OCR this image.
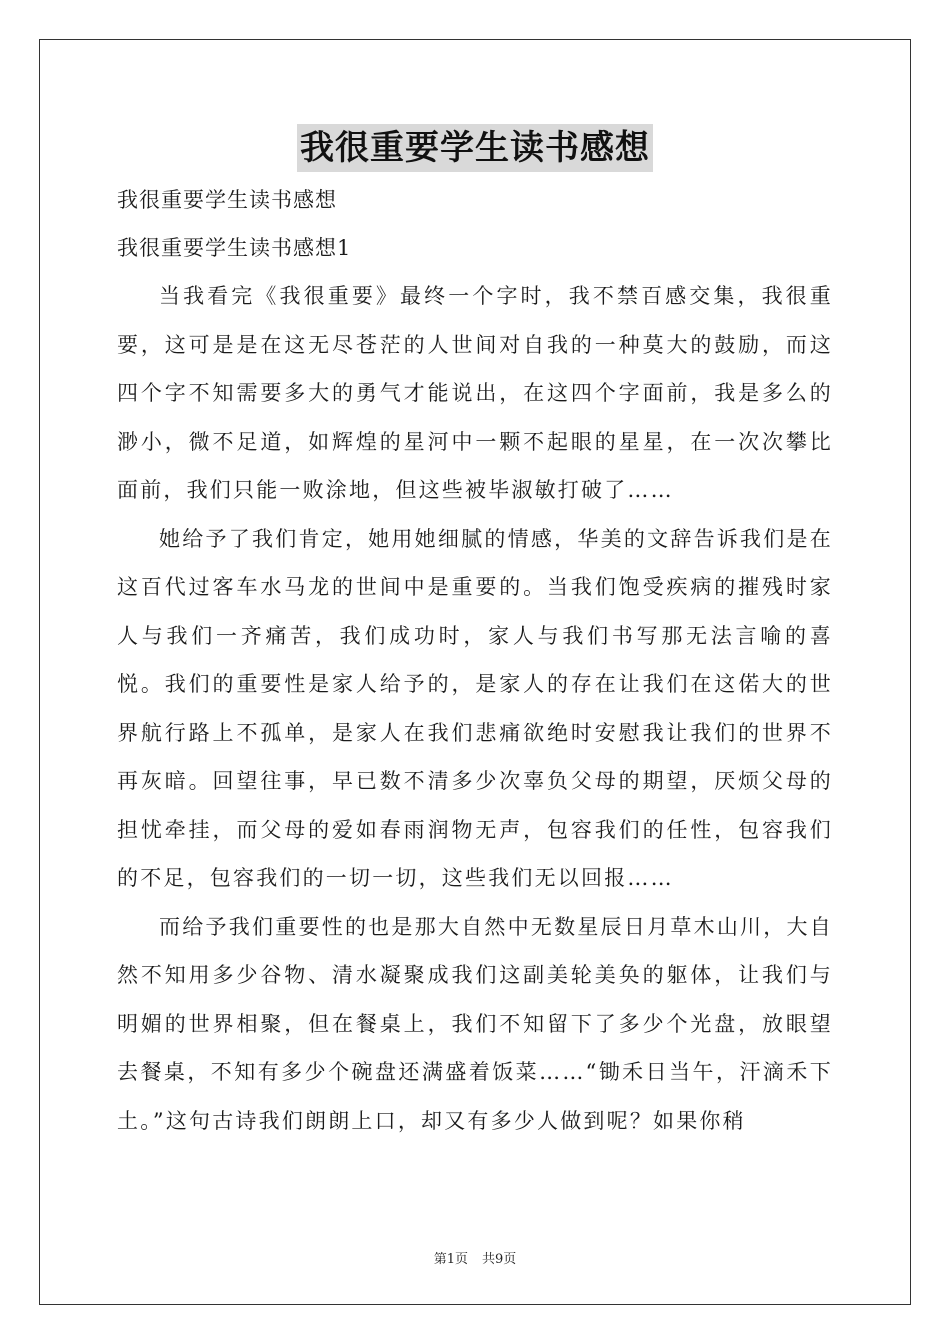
我很重要学生读书感想

我很重要学生读书感想

我很重要学生读书感想1

当我看完《我很重要》最终一个字时，我不禁百感交集，我很重要，这可是是在这无尽苍茫的人世间对自我的一种莫大的鼓励，而这四个字不知需要多大的勇气才能说出，在这四个字面前，我是多么的渺小，微不足道，如辉煌的星河中一颗不起眼的星星，在一次次攀比面前，我们只能一败涂地，但这些被毕淑敏打破了……

她给予了我们肯定，她用她细腻的情感，华美的文辞告诉我们是在这百代过客车水马龙的世间中是重要的。当我们饱受疾病的摧残时家人与我们一齐痛苦，我们成功时，家人与我们书写那无法言喻的喜悦。我们的重要性是家人给予的，是家人的存在让我们在这偌大的世界航行路上不孤单，是家人在我们悲痛欲绝时安慰我让我们的世界不再灰暗。回望往事，早已数不清多少次辜负父母的期望，厌烦父母的担忧牵挂，而父母的爱如春雨润物无声，包容我们的任性，包容我们的不足，包容我们的一切一切，这些我们无以回报……

而给予我们重要性的也是那大自然中无数星辰日月草木山川，大自然不知用多少谷物、清水凝聚成我们这副美轮美奂的躯体，让我们与明媚的世界相聚，但在餐桌上，我们不知留下了多少个光盘，放眼望去餐桌，不知有多少个碗盘还满盛着饭菜……“锄禾日当午，汗滴禾下土。”这句古诗我们朗朗上口，却又有多少人做到呢？如果你稍

第1页 共9页
